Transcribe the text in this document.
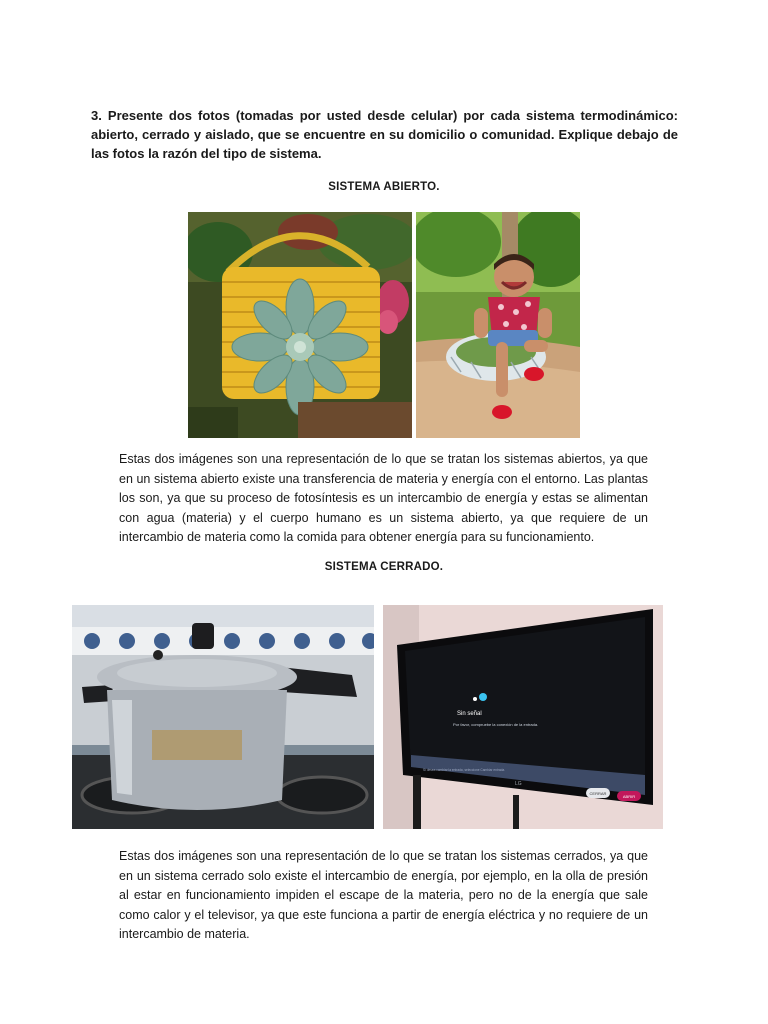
3. Presente dos fotos (tomadas por usted desde celular) por cada sistema termodinámico: abierto, cerrado y aislado, que se encuentre en su domicilio o comunidad. Explique debajo de las fotos la razón del tipo de sistema.
SISTEMA ABIERTO.
Estas dos imágenes son una representación de lo que se tratan los sistemas abiertos, ya que en un sistema abierto existe una transferencia de materia y energía con el entorno. Las plantas los son, ya que su proceso de fotosíntesis es un intercambio de energía y estas se alimentan con agua (materia) y el cuerpo humano es un sistema abierto, ya que requiere de un intercambio de materia como la comida para obtener energía para su funcionamiento.
SISTEMA CERRADO.
Sin señal
Por favor, compruebe la conexión de la entrada.
Si desea cambiar la entrada, seleccione Cambiar entrada.
CERRAR
ABRIR
LG
Estas dos imágenes son una representación de lo que se tratan los sistemas cerrados, ya que en un sistema cerrado solo existe el intercambio de energía, por ejemplo, en la olla de presión al estar en funcionamiento impiden el escape de la materia, pero no de la energía que sale como calor y el televisor, ya que este funciona a partir de energía eléctrica y no requiere de un intercambio de materia.
